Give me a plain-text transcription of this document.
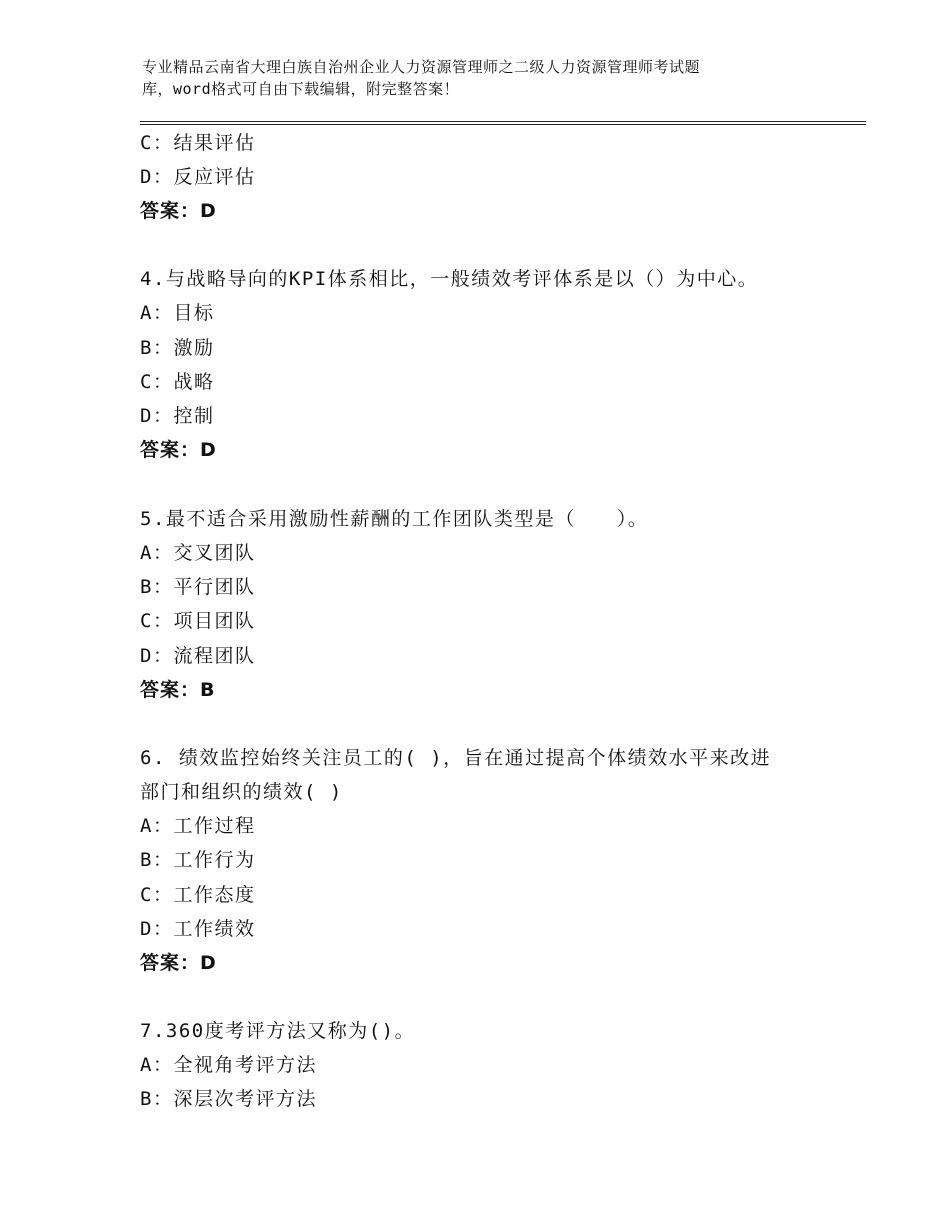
专业精品云南省大理白族自治州企业人力资源管理师之二级人力资源管理师考试题
库，word格式可自由下载编辑，附完整答案！
C：结果评估
D：反应评估
答案：D
4.与战略导向的KPI体系相比，一般绩效考评体系是以（）为中心。
A：目标
B：激励
C：战略
D：控制
答案：D
5.最不适合采用激励性薪酬的工作团队类型是（　　）。
A：交叉团队
B：平行团队
C：项目团队
D：流程团队
答案：B
6. 绩效监控始终关注员工的( )，旨在通过提高个体绩效水平来改进
部门和组织的绩效( )
A：工作过程
B：工作行为
C：工作态度
D：工作绩效
答案：D
7.360度考评方法又称为()。
A：全视角考评方法
B：深层次考评方法
